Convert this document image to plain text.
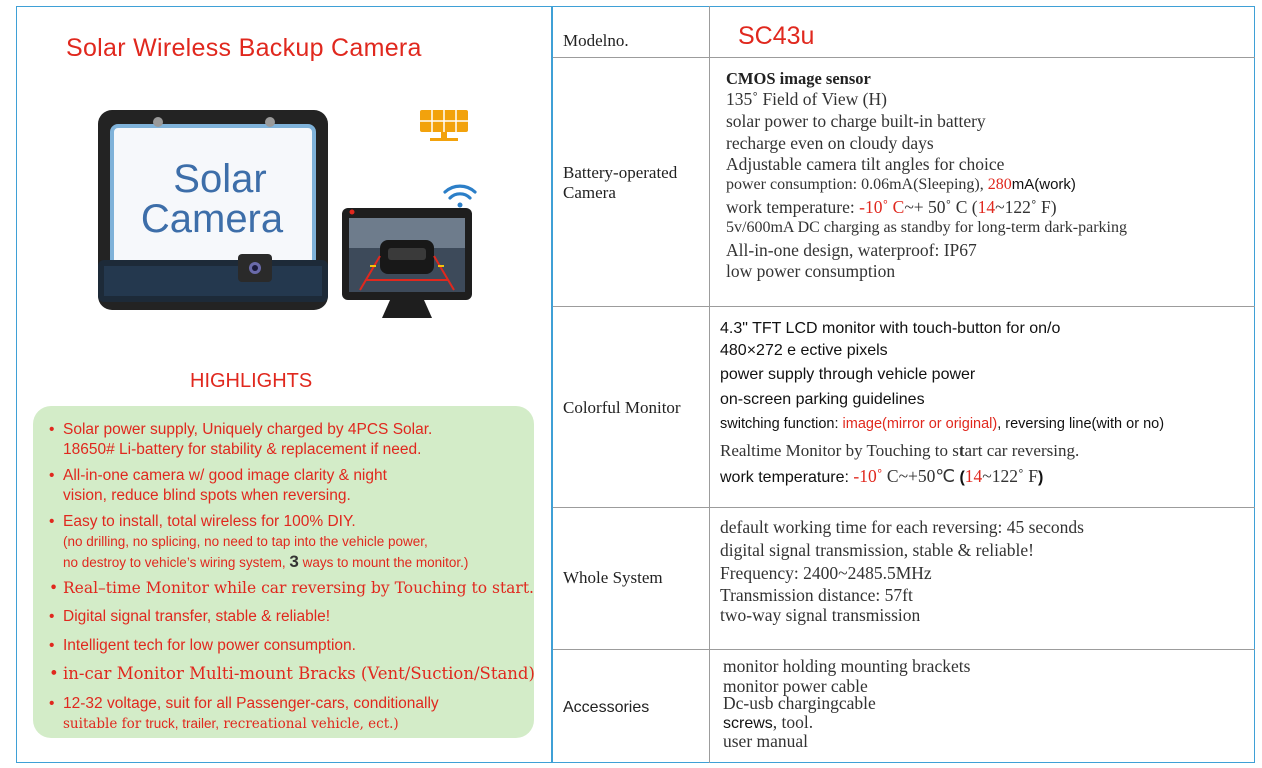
Solar Wireless Backup Camera
Solar
Camera
HIGHLIGHTS
• Solar power supply, Uniquely charged by 4PCS Solar.
18650# Li-battery for stability & replacement if need.
• All-in-one camera w/ good image clarity & night
vision, reduce blind spots when reversing.
• Easy to install, total wireless for 100% DIY.
(no drilling, no splicing, no need to tap into the vehicle power,
no destroy to vehicle’s wiring system, 3 ways to mount the monitor.)
• Real–time Monitor while car reversing by Touching to start.
• Digital signal transfer, stable & reliable!
• Intelligent tech for low power consumption.
• in-car Monitor Multi-mount Bracks (Vent/Suction/Stand)
• 12-32 voltage, suit for all Passenger-cars, conditionally
suitable for truck, trailer, recreational vehicle, ect.)
Modelno.	SC43u
Battery-operated
Camera
CMOS image sensor
135˚ Field of View (H)
solar power to charge built-in battery
recharge even on cloudy days
Adjustable camera tilt angles for choice
power consumption: 0.06mA(Sleeping), 280mA(work)
work temperature: -10˚ C~+ 50˚ C (14~122˚ F)
5v/600mA DC charging as standby for long-term dark-parking
All-in-one design, waterproof: IP67
low power consumption
Colorful Monitor
4.3" TFT LCD monitor with touch-button for on/o
480×272 e ective pixels
power supply through vehicle power
on-screen parking guidelines
switching function: image(mirror or original), reversing line(with or no)
Realtime Monitor by Touching to start car reversing.
work temperature: -10˚ C~+50℃ (14~122˚ F)
Whole System
default working time for each reversing: 45 seconds
digital signal transmission, stable & reliable!
Frequency: 2400~2485.5MHz
Transmission distance: 57ft
two-way signal transmission
Accessories
monitor holding mounting brackets
monitor power cable
Dc-usb chargingcable
screws, tool.
user manual
